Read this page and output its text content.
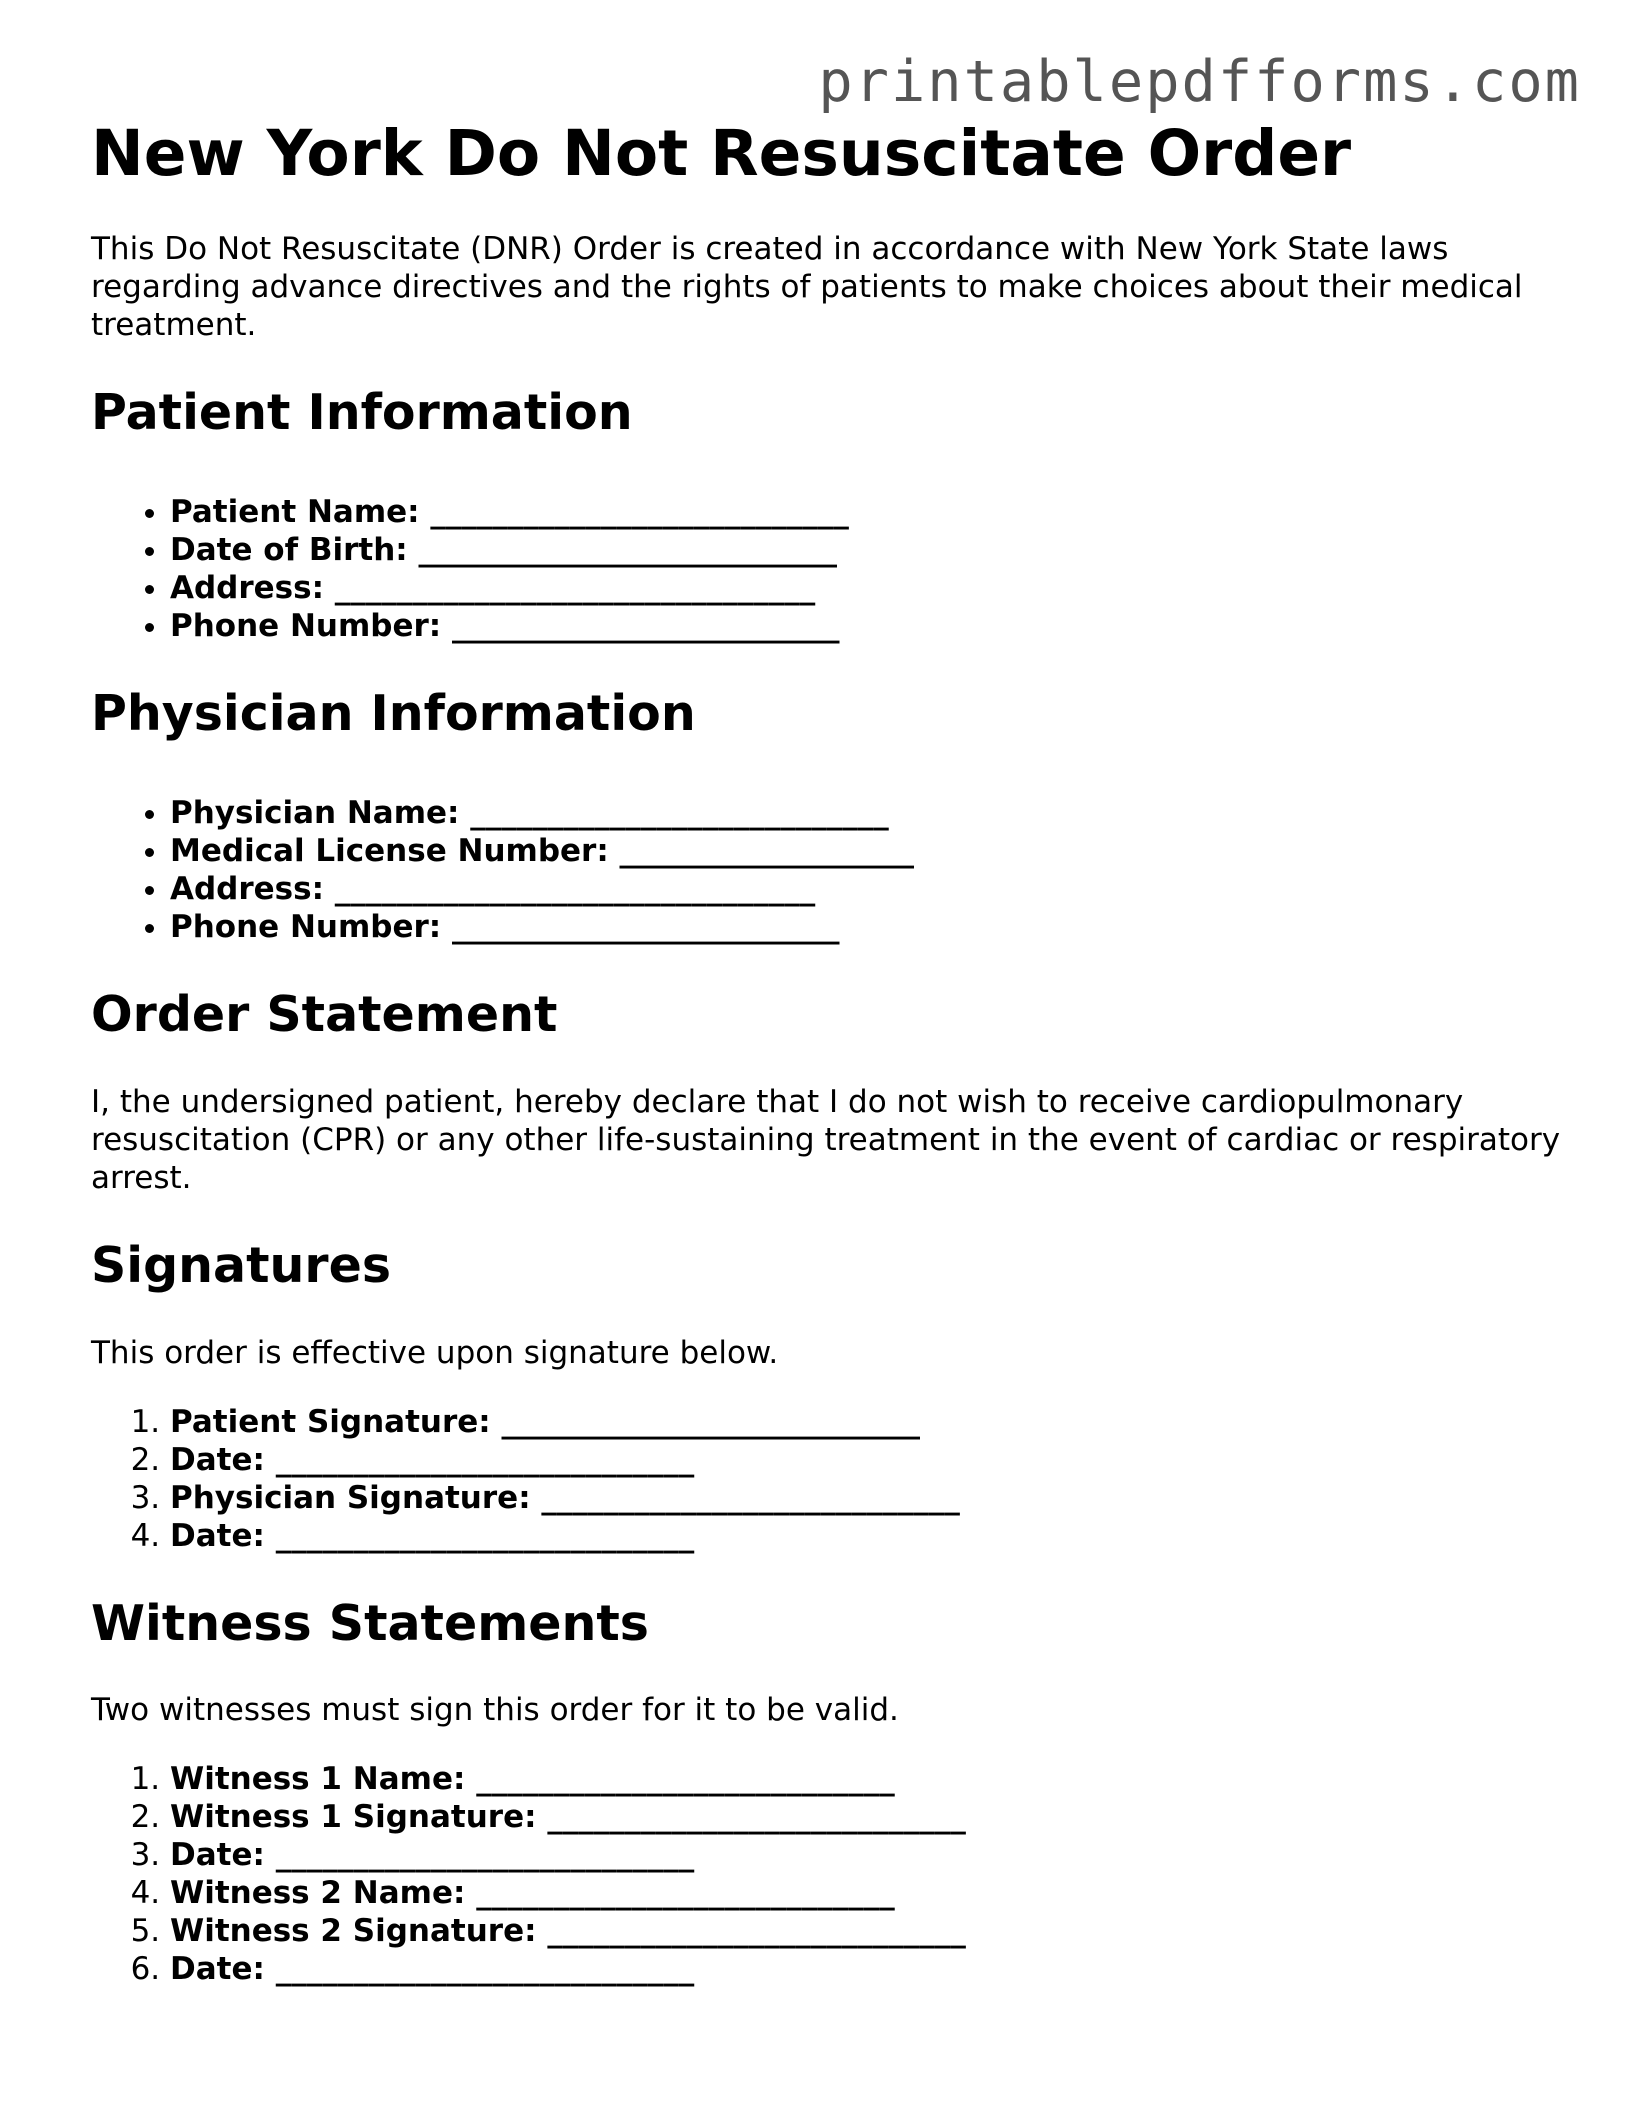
printablepdfforms.com
New York Do Not Resuscitate Order

This Do Not Resuscitate (DNR) Order is created in accordance with New York State laws regarding advance directives and the rights of patients to make choices about their medical treatment.

Patient Information
• Patient Name: ___________________________
• Date of Birth: ___________________________
• Address: _______________________________
• Phone Number: _________________________
Physician Information
• Physician Name: ___________________________
• Medical License Number: ___________________
• Address: _______________________________
• Phone Number: _________________________
Order Statement

I, the undersigned patient, hereby declare that I do not wish to receive cardiopulmonary resuscitation (CPR) or any other life-sustaining treatment in the event of cardiac or respiratory arrest.

Signatures

This order is effective upon signature below.

1. Patient Signature: ___________________________
2. Date: ___________________________
3. Physician Signature: ___________________________
4. Date: ___________________________
Witness Statements

Two witnesses must sign this order for it to be valid.

1. Witness 1 Name: ___________________________
2. Witness 1 Signature: ___________________________
3. Date: ___________________________
4. Witness 2 Name: ___________________________
5. Witness 2 Signature: ___________________________
6. Date: ___________________________
